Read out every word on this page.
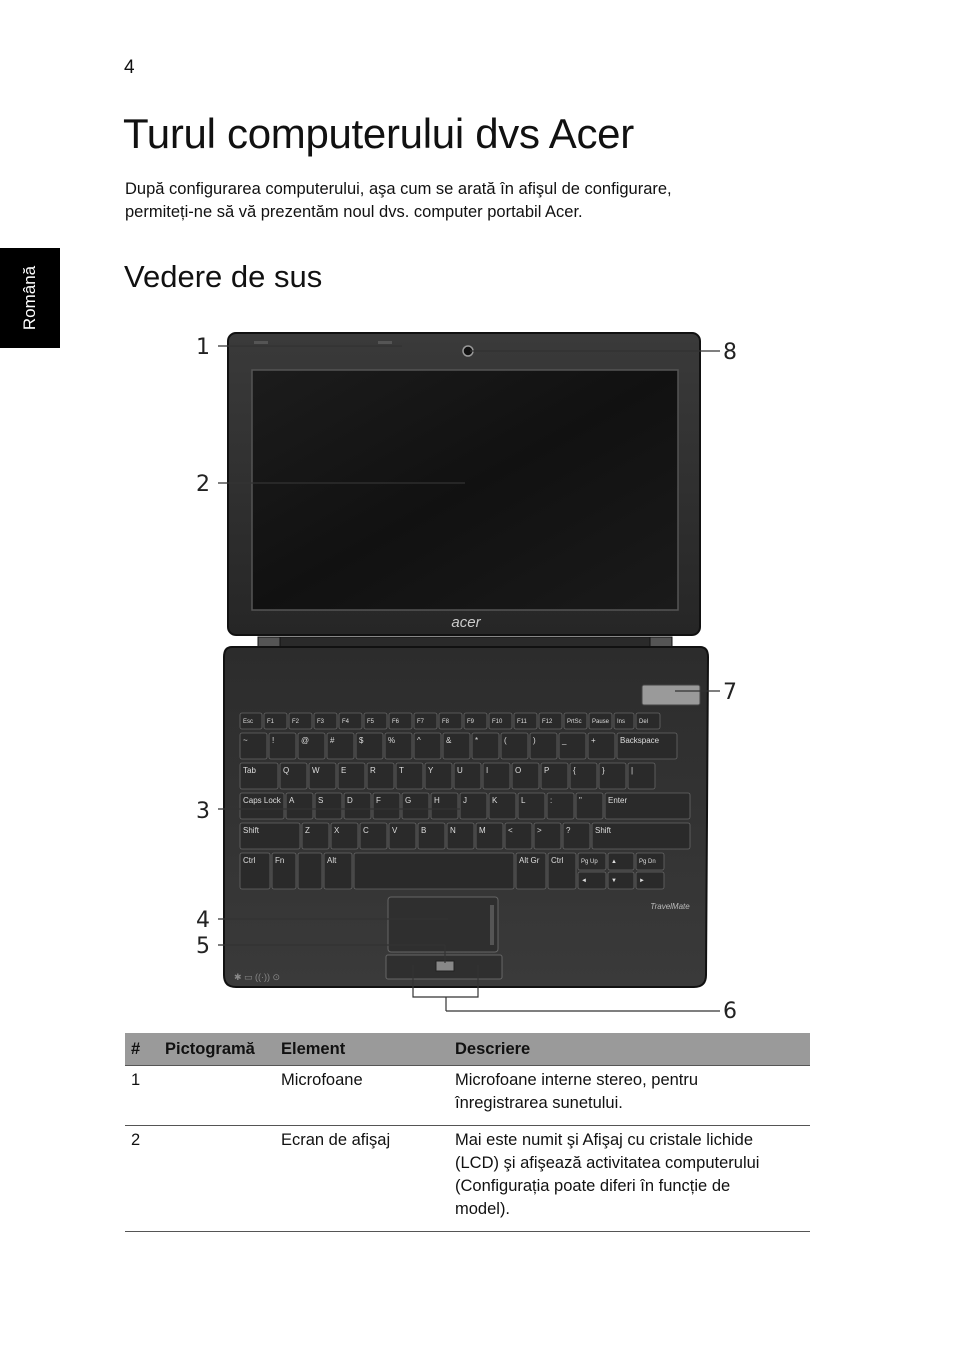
4
Română
Turul computerului dvs Acer
După configurarea computerului, aşa cum se arată în afişul de configurare,
permiteți-ne să vă prezentăm noul dvs. computer portabil Acer.
Vedere de sus
acer
Esc F1	F2	F3	F4	F5	F6	F7	F8	F9	F10 F11	F12 PrtSc Pause Ins Del
~	!	@	#	$	%	^	&	*	(	)	_	+	Backspace
Tab	Q	W	E	R	T	Y	U	I	O	P	{	}	|
Caps Lock A	S	D	F	G	H	J	K	L	:	"	Enter
Shift	Z	X	C	V	B	N	M	<	>	?	Shift
Ctrl Fn	Alt	Alt Gr Ctrl	Pg Up ▲	Pg Dn
◄	▼	►
TravelMate
✱ ▭ ((·)) ⊙
1
2
3
4
5
6
7
8
#	Pictogramă	Element	Descriere
1		Microfoane	Microfoane interne stereo, pentru
înregistrarea sunetului.

2		Ecran de afişaj	Mai este numit şi Afişaj cu cristale lichide
(LCD) şi afişează activitatea computerului
(Configurația poate diferi în funcție de
model).
